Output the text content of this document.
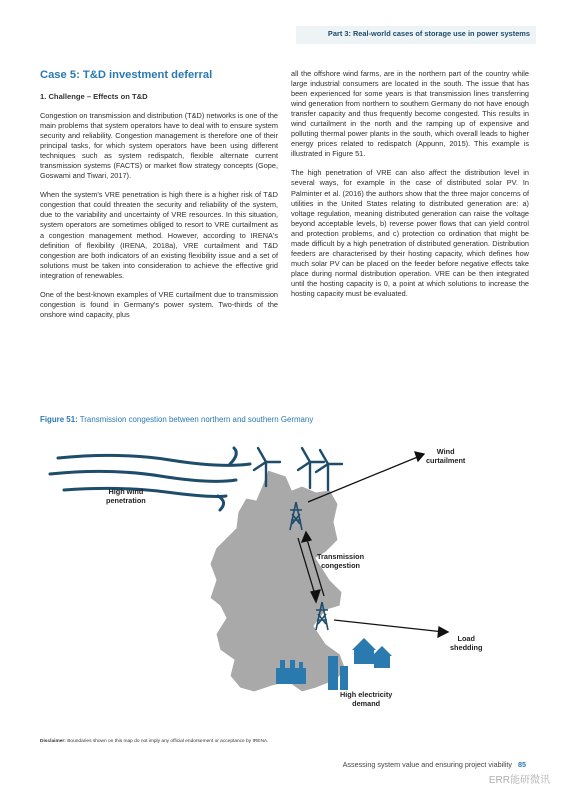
Part 3: Real-world cases of storage use in power systems
Case 5: T&D investment deferral
1. Challenge – Effects on T&D

Congestion on transmission and distribution (T&D) networks is one of the main problems that system operators have to deal with to ensure system security and reliability. Congestion management is therefore one of their principal tasks, for which system operators have been using different techniques such as system redispatch, flexible alternate current transmission systems (FACTS) or market flow strategy concepts (Gope, Goswami and Tiwari, 2017).

When the system's VRE penetration is high there is a higher risk of T&D congestion that could threaten the security and reliability of the system, due to the variability and uncertainty of VRE resources. In this situation, system operators are sometimes obliged to resort to VRE curtailment as a congestion management method. However, according to IRENA's definition of flexibility (IRENA, 2018a), VRE curtailment and T&D congestion are both indicators of an existing flexibility issue and a set of solutions must be taken into consideration to achieve the effective grid integration of renewables.

One of the best-known examples of VRE curtailment due to transmission congestion is found in Germany's power system. Two-thirds of the onshore wind capacity, plus

all the offshore wind farms, are in the northern part of the country while large industrial consumers are located in the south. The issue that has been experienced for some years is that transmission lines transferring wind generation from northern to southern Germany do not have enough transfer capacity and thus frequently become congested. This results in wind curtailment in the north and the ramping up of expensive and polluting thermal power plants in the south, which overall leads to higher energy prices related to redispatch (Appunn, 2015). This example is illustrated in Figure 51.

The high penetration of VRE can also affect the distribution level in several ways, for example in the case of distributed solar PV. In Palminter et al. (2016) the authors show that the three major concerns of utilities in the United States relating to distributed generation are: a) voltage regulation, meaning distributed generation can raise the voltage beyond acceptable levels, b) reverse power flows that can yield control and protection problems, and c) protection co ordination that might be made difficult by a high penetration of distributed generation. Distribution feeders are characterised by their hosting capacity, which defines how much solar PV can be placed on the feeder before negative effects take place during normal distribution operation. VRE can be then integrated until the hosting capacity is 0, a point at which solutions to increase the hosting capacity must be evaluated.

Figure 51: Transmission congestion between northern and southern Germany
High wind
penetration
Wind
curtailment
Transmission
congestion
Load
shedding
High electricity
demand
Disclaimer: Boundaries shown on this map do not imply any official endorsement or acceptance by IRENA.
Assessing system value and ensuring project viability 85
ERR能研微讯
